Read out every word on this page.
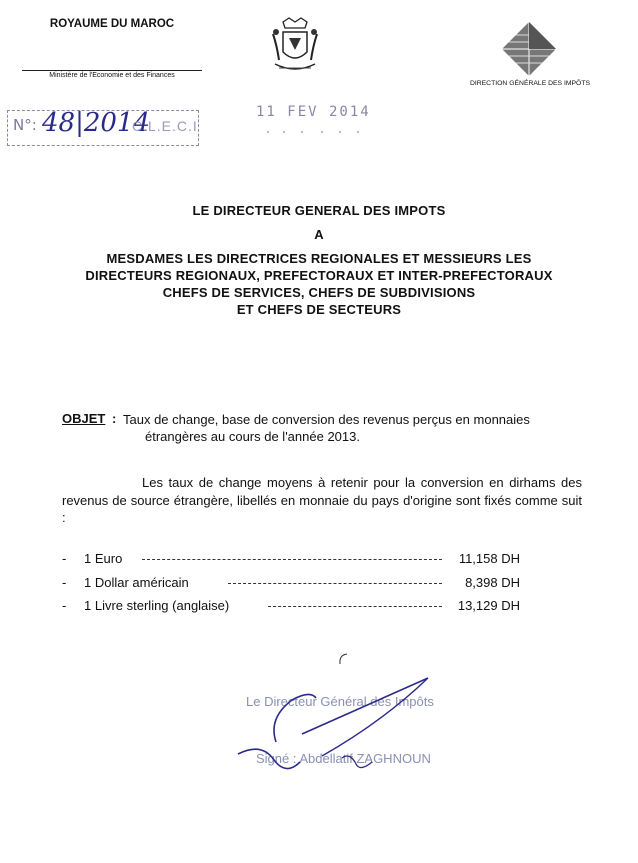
ROYAUME DU MAROC
Ministère de l'Economie et des Finances
DIRECTION GÉNÉRALE DES IMPÔTS
N°: 48|2014
C.L.E.C.I
11 FEV 2014
LE DIRECTEUR GENERAL DES IMPOTS
A
MESDAMES LES DIRECTRICES REGIONALES ET MESSIEURS LES
DIRECTEURS REGIONAUX, PREFECTORAUX ET INTER-PREFECTORAUX
CHEFS DE SERVICES, CHEFS DE SUBDIVISIONS
ET CHEFS DE SECTEURS
OBJET : Taux de change, base de conversion des revenus perçus en monnaies
étrangères au cours de l'année 2013.
Les taux de change moyens à retenir pour la conversion en dirhams des revenus de source étrangère, libellés en monnaie du pays d'origine sont fixés comme suit :
- 1 Euro	11,158 DH
- 1 Dollar américain	8,398 DH
- 1 Livre sterling (anglaise)	13,129 DH
Le Directeur Général des Impôts
Signé : Abdellatif ZAGHNOUN
